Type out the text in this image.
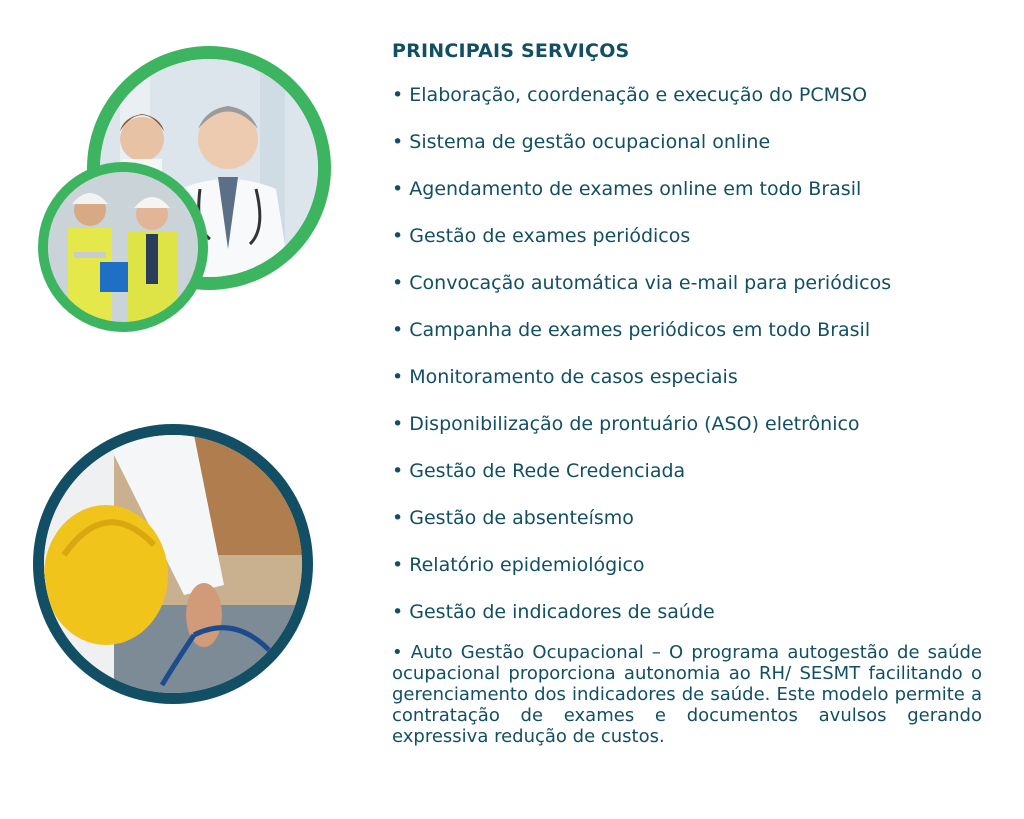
PRINCIPAIS SERVIÇOS
• Elaboração, coordenação e execução do PCMSO
• Sistema de gestão ocupacional online
• Agendamento de exames online em todo Brasil
• Gestão de exames periódicos
• Convocação automática via e-mail para periódicos
• Campanha de exames periódicos em todo Brasil
• Monitoramento de casos especiais
• Disponibilização de prontuário (ASO) eletrônico
• Gestão de Rede Credenciada
• Gestão de absenteísmo
• Relatório epidemiológico
• Gestão de indicadores de saúde

• Auto Gestão Ocupacional – O programa autogestão de saúde ocupacional proporciona autonomia ao RH/ SESMT facilitando o gerenciamento dos indicadores de saúde. Este modelo permite a contratação de exames e documentos avulsos gerando expressiva redução de custos.
